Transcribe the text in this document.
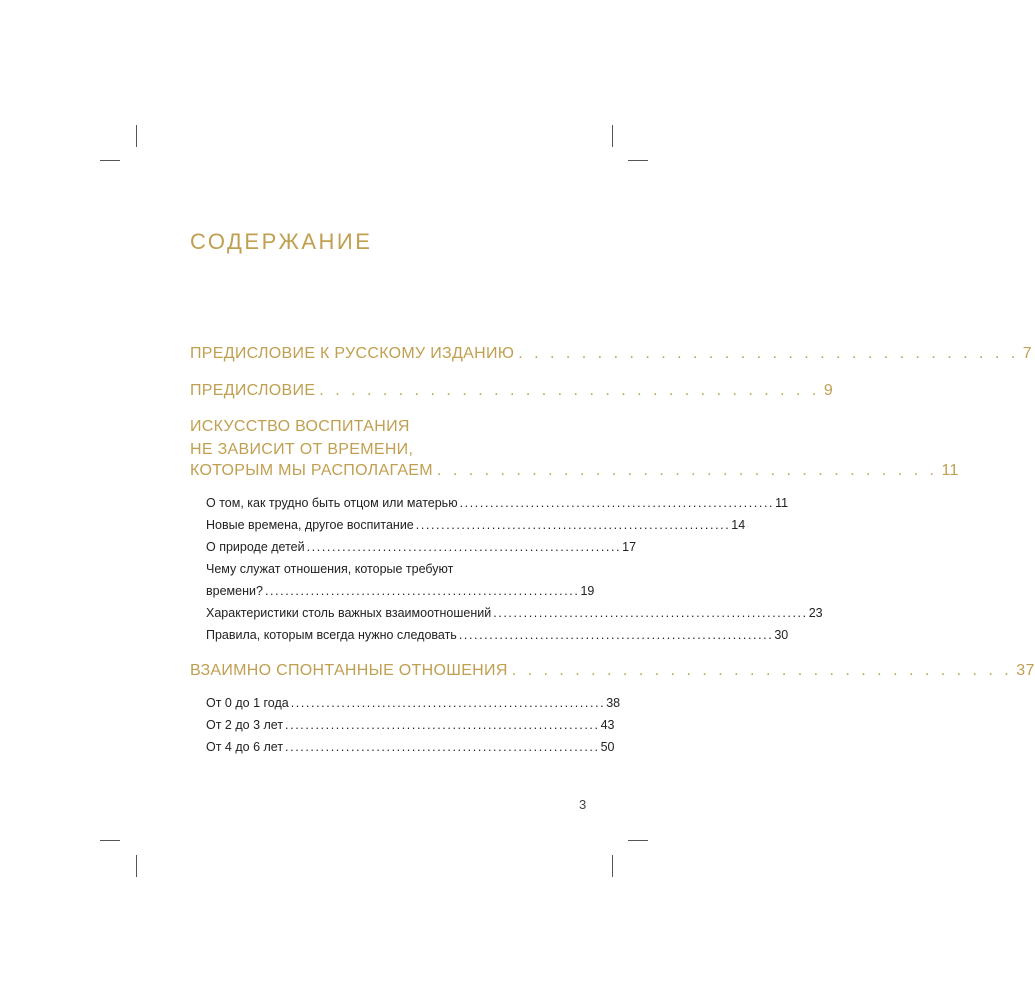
СОДЕРЖАНИЕ
ПРЕДИСЛОВИЕ К РУССКОМУ ИЗДАНИЮ . . . . . . . . . . . . . . . . . . . . . . . . . . . . . . . . 7
ПРЕДИСЛОВИЕ . . . . . . . . . . . . . . . . . . . . . . . . . . . . . . . . 9
ИСКУССТВО ВОСПИТАНИЯ
НЕ ЗАВИСИТ ОТ ВРЕМЕНИ,
КОТОРЫМ МЫ РАСПОЛАГАЕМ . . . . . . . . . . . . . . . . . . . . . . . . . . . . . . . . 11
О том, как трудно быть отцом или матерью .............................................................. 11
Новые времена, другое воспитание .............................................................. 14
О природе детей .............................................................. 17
Чему служат отношения, которые требуют
времени? .............................................................. 19
Характеристики столь важных взаимоотношений .............................................................. 23
Правила, которым всегда нужно следовать .............................................................. 30
ВЗАИМНО СПОНТАННЫЕ ОТНОШЕНИЯ . . . . . . . . . . . . . . . . . . . . . . . . . . . . . . . . 37
От 0 до 1 года .............................................................. 38
От 2 до 3 лет .............................................................. 43
От 4 до 6 лет .............................................................. 50
3
